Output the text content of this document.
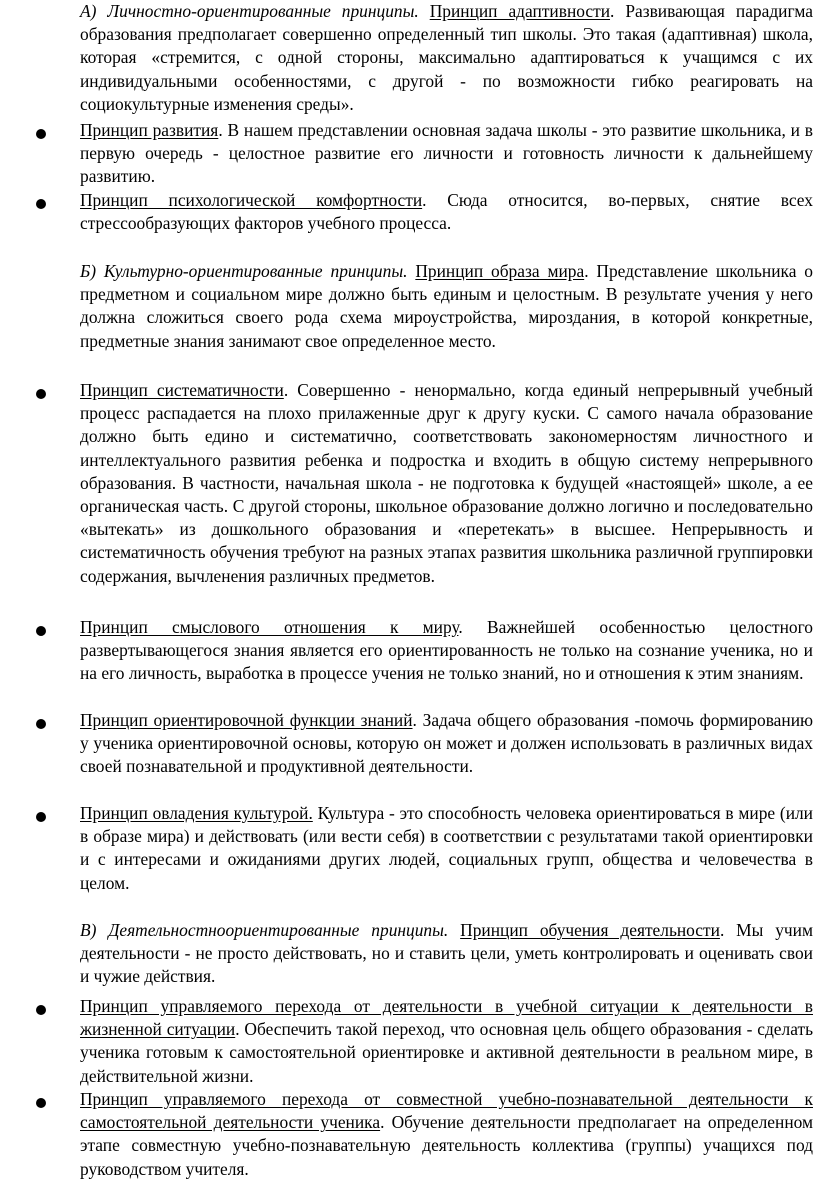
А) Личностно-ориентированные принципы. Принцип адаптивности. Развивающая парадигма образования предполагает совершенно определенный тип школы. Это такая (адаптивная) школа, которая «стремится, с одной стороны, максимально адаптироваться к учащимся с их индивидуальными особенностями, с другой - по возможности гибко реагировать на социокультурные изменения среды».

Принцип развития. В нашем представлении основная задача школы - это развитие школьника, и в первую очередь - целостное развитие его личности и готовность личности к дальнейшему развитию.

Принцип психологической комфортности. Сюда относится, во-первых, снятие всех стрессообразующих факторов учебного процесса.

Б) Культурно-ориентированные принципы. Принцип образа мира. Представление школьника о предметном и социальном мире должно быть единым и целостным. В результате учения у него должна сложиться своего рода схема мироустройства, мироздания, в которой конкретные, предметные знания занимают свое определенное место.

Принцип систематичности. Совершенно - ненормально, когда единый непрерывный учебный процесс распадается на плохо прилаженные друг к другу куски. С самого начала образование должно быть едино и систематично, соответствовать закономерностям личностного и интеллектуального развития ребенка и подростка и входить в общую систему непрерывного образования. В частности, начальная школа - не подготовка к будущей «настоящей» школе, а ее органическая часть. С другой стороны, школьное образование должно логично и последовательно «вытекать» из дошкольного образования и «перетекать» в высшее. Непрерывность и систематичность обучения требуют на разных этапах развития школьника различной группировки содержания, вычленения различных предметов.

Принцип смыслового отношения к миру. Важнейшей особенностью целостного развертывающегося знания является его ориентированность не только на сознание ученика, но и на его личность, выработка в процессе учения не только знаний, но и отношения к этим знаниям.

Принцип ориентировочной функции знаний. Задача общего образования -помочь формированию у ученика ориентировочной основы, которую он может и должен использовать в различных видах своей познавательной и продуктивной деятельности.

Принцип овладения культурой. Культура - это способность человека ориентироваться в мире (или в образе мира) и действовать (или вести себя) в соответствии с результатами такой ориентировки и с интересами и ожиданиями других людей, социальных групп, общества и человечества в целом.

В) Деятельностноориентированные принципы. Принцип обучения деятельности. Мы учим деятельности - не просто действовать, но и ставить цели, уметь контролировать и оценивать свои и чужие действия.

Принцип управляемого перехода от деятельности в учебной ситуации к деятельности в жизненной ситуации. Обеспечить такой переход, что основная цель общего образования - сделать ученика готовым к самостоятельной ориентировке и активной деятельности в реальном мире, в действительной жизни.

Принцип управляемого перехода от совместной учебно-познавательной деятельности к самостоятельной деятельности ученика. Обучение деятельности предполагает на определенном этапе совместную учебно-познавательную деятельность коллектива (группы) учащихся под руководством учителя.
